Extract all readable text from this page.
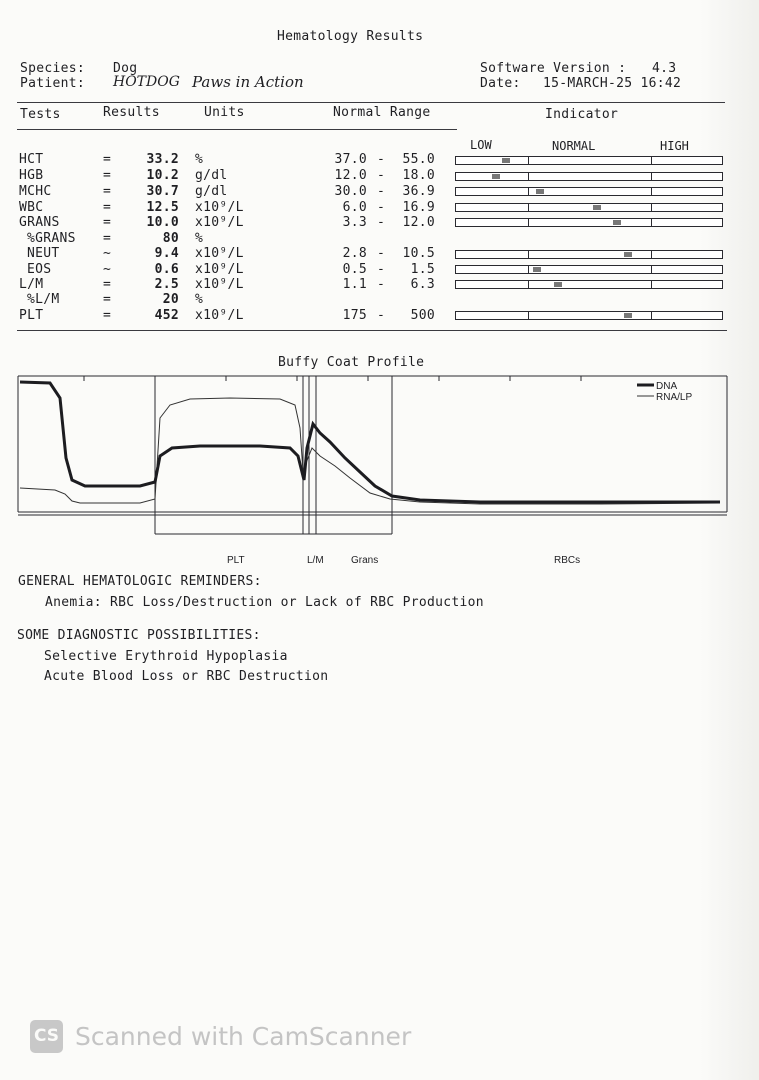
Hematology Results
Species: Dog
Patient: HOTDOG Paws in Action
Software Version : 4.3
Date: 15-MARCH-25 16:42
Tests	Results	Units	Normal Range	Indicator
LOW	NORMAL	HIGH
HCT	=	33.2 %	37.0	55.0
-
HGB	=	10.2 g/dl	12.0	18.0
-
MCHC	=	30.7 g/dl	30.0	36.9
-
WBC	=	12.5 x10⁹/L	6.0	16.9
-
GRANS	=	10.0 x10⁹/L	3.3	12.0
-
%GRANS =	80 %
NEUT	~	9.4 x10⁹/L	2.8	10.5
-
EOS	~	0.6 x10⁹/L	0.5	1.5
-
L/M	=	2.5 x10⁹/L	1.1	6.3
-
%L/M	=	20 %
PLT	=	452 x10⁹/L	175	500
-
Buffy Coat Profile
DNA
RNA/LP
PLT	L/M	Grans	RBCs
GENERAL HEMATOLOGIC REMINDERS:
Anemia: RBC Loss/Destruction or Lack of RBC Production
SOME DIAGNOSTIC POSSIBILITIES:
Selective Erythroid Hypoplasia
Acute Blood Loss or RBC Destruction
CS Scanned with CamScanner
